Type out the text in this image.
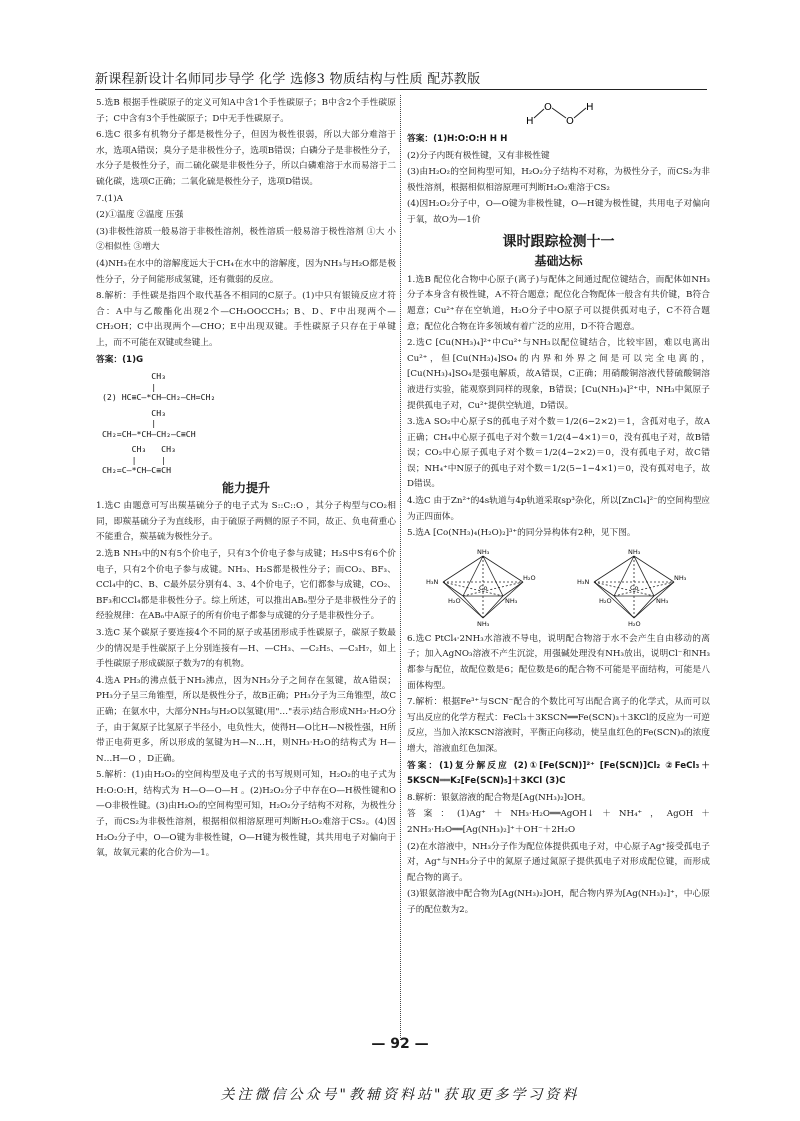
新课程新设计名师同步导学 化学 选修3 物质结构与性质 配苏教版
5.选B 根据手性碳原子的定义可知A中含1个手性碳原子；B中含2个手性碳原子；C中含有3个手性碳原子；D中无手性碳原子。
6.选C 很多有机物分子都是极性分子，但因为极性很弱，所以大部分难溶于水，选项A错误；臭分子是非极性分子，选项B错误；白磷分子是非极性分子，水分子是极性分子，而二硫化碳是非极性分子，所以白磷难溶于水而易溶于二硫化碳，选项C正确；二氧化硫是极性分子，选项D错误。
7.(1)A
(2)①温度 ②温度 压强
(3)非极性溶质一般易溶于非极性溶剂，极性溶质一般易溶于极性溶剂 ①大 小 ②相似性 ③增大
(4)NH₃在水中的溶解度远大于CH₄在水中的溶解度，因为NH₃与H₂O都是极性分子，分子间能形成氢键，还有微弱的反应。
8.解析：手性碳是指四个取代基各不相同的C原子。(1)中只有银镜反应才符合：A中与乙酸酯化出现2个—CH₂OOCCH₃；B、D、F中出现两个—CH₂OH；C中出现两个—CHO；E中出现双键。手性碳原子只存在于单键上，而不可能在双键或叁键上。
答案：(1)G
CH₃
|
(2) HC≡C—*CH—CH₂—CH=CH₂
CH₃
|
CH₂=CH—*CH—CH₂—C≡CH
CH₃   CH₃
|     |
CH₂=C—*CH—C≡CH
能力提升
1.选C 由题意可写出羰基硫分子的电子式为 S::C::O ，其分子构型与CO₂相同，即羰基硫分子为直线形，由于硫原子两侧的原子不同，故正、负电荷重心不能重合，羰基硫为极性分子。
2.选B NH₃中的N有5个价电子，只有3个价电子参与成键；H₂S中S有6个价电子，只有2个价电子参与成键。NH₃、H₂S都是极性分子；而CO₂、BF₃、CCl₄中的C、B、C最外层分别有4、3、4个价电子，它们都参与成键，CO₂、BF₃和CCl₄都是非极性分子。综上所述，可以推出ABₙ型分子是非极性分子的经验规律：在ABₙ中A原子的所有价电子都参与成键的分子是非极性分子。
3.选C 某个碳原子要连接4个不同的原子或基团形成手性碳原子，碳原子数最少的情况是手性碳原子上分别连接有—H、—CH₃、—C₂H₅、—C₃H₇，如上手性碳原子形成碳原子数为7的有机物。
4.选A PH₃的沸点低于NH₃沸点，因为NH₃分子之间存在氢键，故A错误；PH₃分子呈三角锥型，所以是极性分子，故B正确；PH₃分子为三角锥型，故C正确；在氨水中，大部分NH₃与H₂O以氢键(用"…"表示)结合形成NH₃·H₂O分子，由于氮原子比氢原子半径小，电负性大，使得H—O比H—N极性强，H所带正电荷更多，所以形成的氢键为H—N…H，则NH₃·H₂O的结构式为 H—N…H—O ，D正确。
5.解析：(1)由H₂O₂的空间构型及电子式的书写规则可知，H₂O₂的电子式为H:O:O:H，结构式为 H—O—O—H 。(2)H₂O₂分子中存在O—H极性键和O—O非极性键。(3)由H₂O₂的空间构型可知，H₂O₂分子结构不对称，为极性分子，而CS₂为非极性溶剂，根据相似相溶原理可判断H₂O₂难溶于CS₂。(4)因H₂O₂分子中，O—O键为非极性键，O—H键为极性键，其共用电子对偏向于氧，故氧元素的化合价为—1。
H
O
O
H
答案：(1)H:O:O:H H H
(2)分子内既有极性键，又有非极性键
(3)由H₂O₂的空间构型可知，H₂O₂分子结构不对称，为极性分子，而CS₂为非极性溶剂，根据相似相溶原理可判断H₂O₂难溶于CS₂
(4)因H₂O₂分子中，O—O键为非极性键，O—H键为极性键，共用电子对偏向于氧，故O为—1价
课时跟踪检测十一
基础达标
1.选B 配位化合物中心原子(离子)与配体之间通过配位键结合，而配体如NH₃分子本身含有极性键，A不符合题意；配位化合物配体一般含有共价键，B符合题意；Cu²⁺存在空轨道，H₂O分子中O原子可以提供孤对电子，C不符合题意；配位化合物在许多领域有着广泛的应用，D不符合题意。
2.选C [Cu(NH₃)₄]²⁺中Cu²⁺与NH₃以配位键结合，比较牢固，难以电离出Cu²⁺，但[Cu(NH₃)₄]SO₄的内界和外界之间是可以完全电离的，[Cu(NH₃)₄]SO₄是强电解质，故A错误，C正确；用硝酸铜溶液代替硫酸铜溶液进行实验，能观察到同样的现象，B错误；[Cu(NH₃)₄]²⁺中，NH₃中氮原子提供孤电子对，Cu²⁺提供空轨道，D错误。
3.选A SO₂中心原子S的孤电子对个数＝1/2(6−2×2)＝1，含孤对电子，故A正确；CH₄中心原子孤电子对个数＝1/2(4−4×1)＝0，没有孤电子对，故B错误；CO₂中心原子孤电子对个数＝1/2(4−2×2)＝0，没有孤电子对，故C错误；NH₄⁺中N原子的孤电子对个数＝1/2(5−1−4×1)＝0，没有孤对电子，故D错误。
4.选C 由于Zn²⁺的4s轨道与4p轨道采取sp³杂化，所以[ZnCl₄]²⁻的空间构型应为正四面体。
5.选A [Co(NH₃)₄(H₂O)₂]³⁺的同分异构体有2种，见下图。
NH₃
H₃N	H₂O
H₂O	NH₃
NH₃
Co
NH₃
H₃N	NH₃
H₂O	NH₃
H₂O
Co
6.选C PtCl₄·2NH₃水溶液不导电，说明配合物溶于水不会产生自由移动的离子；加入AgNO₃溶液不产生沉淀，用强碱处理没有NH₃放出，说明Cl⁻和NH₃都参与配位，故配位数是6；配位数是6的配合物不可能是平面结构，可能是八面体构型。
7.解析：根据Fe³⁺与SCN⁻配合的个数比可写出配合离子的化学式，从而可以写出反应的化学方程式：FeCl₃＋3KSCN══Fe(SCN)₃＋3KCl的反应为一可逆反应，当加入浓KSCN溶液时，平衡正向移动，使呈血红色的Fe(SCN)₃的浓度增大，溶液血红色加深。
答案：(1)复分解反应 (2)①[Fe(SCN)]²⁺ [Fe(SCN)]Cl₂ ②FeCl₃＋5KSCN══K₂[Fe(SCN)₅]＋3KCl (3)C
8.解析：银氨溶液的配合物是[Ag(NH₃)₂]OH。
答案：(1)Ag⁺＋NH₃·H₂O══AgOH↓＋NH₄⁺，AgOH＋2NH₃·H₂O══[Ag(NH₃)₂]⁺＋OH⁻＋2H₂O
(2)在水溶液中，NH₃分子作为配位体提供孤电子对，中心原子Ag⁺接受孤电子对，Ag⁺与NH₃分子中的氮原子通过氮原子提供孤电子对形成配位键，而形成配合物的离子。
(3)银氨溶液中配合物为[Ag(NH₃)₂]OH，配合物内界为[Ag(NH₃)₂]⁺，中心原子的配位数为2。
— 92 —
关注微信公众号"教辅资料站"获取更多学习资料
